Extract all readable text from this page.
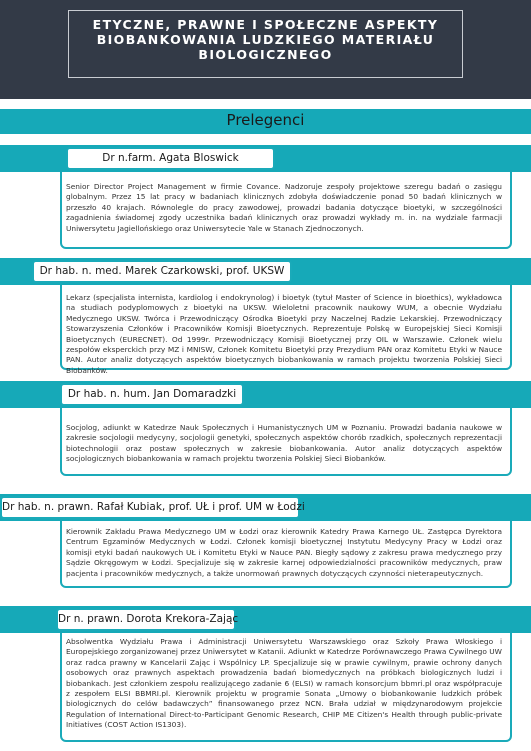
ETYCZNE, PRAWNE I SPOŁECZNE ASPEKTY BIOBANKOWANIA LUDZKIEGO MATERIAŁU BIOLOGICZNEGO
Prelegenci
Dr n.farm. Agata Bloswick
Senior Director Project Management w firmie Covance. Nadzoruje zespoły projektowe szeregu badań o zasięgu globalnym. Przez 15 lat pracy w badaniach klinicznych zdobyła doświadczenie ponad 50 badań klinicznych w przeszło 40 krajach. Równolegle do pracy zawodowej, prowadzi badania dotyczące bioetyki, w szczególności zagadnienia świadomej zgody uczestnika badań klinicznych oraz prowadzi wykłady m. in. na wydziale farmacji Uniwersytetu Jagiellońskiego oraz Uniwersytecie Yale w Stanach Zjednoczonych.
Dr hab. n. med. Marek Czarkowski, prof. UKSW
Lekarz (specjalista internista, kardiolog i endokrynolog) i bioetyk (tytuł Master of Science in bioethics), wykładowca na studiach podyplomowych z bioetyki na UKSW. Wieloletni pracownik naukowy WUM, a obecnie Wydziału Medycznego UKSW. Twórca i Przewodniczący Ośrodka Bioetyki przy Naczelnej Radzie Lekarskiej. Przewodniczący Stowarzyszenia Członków i Pracowników Komisji Bioetycznych. Reprezentuje Polskę w Europejskiej Sieci Komisji Bioetycznych (EURECNET). Od 1999r. Przewodniczący Komisji Bioetycznej przy OIL w Warszawie. Członek wielu zespołów eksperckich przy MZ i MNISW, Członek Komitetu Bioetyki przy Prezydium PAN oraz Komitetu Etyki w Nauce PAN. Autor analiz dotyczących aspektów bioetycznych biobankowania w ramach projektu tworzenia Polskiej Sieci Biobanków.
Dr hab. n. hum. Jan Domaradzki
Socjolog, adiunkt w Katedrze Nauk Społecznych i Humanistycznych UM w Poznaniu. Prowadzi badania naukowe w zakresie socjologii medycyny, socjologii genetyki, społecznych aspektów chorób rzadkich, społecznych reprezentacji biotechnologii oraz postaw społecznych w zakresie biobankowania. Autor analiz dotyczących aspektów socjologicznych biobankowania w ramach projektu tworzenia Polskiej Sieci Biobanków.
Dr hab. n. prawn. Rafał Kubiak, prof. UŁ i prof. UM w Łodzi
Kierownik Zakładu Prawa Medycznego UM w Łodzi oraz kierownik Katedry Prawa Karnego UŁ. Zastępca Dyrektora Centrum Egzaminów Medycznych w Łodzi. Członek komisji bioetycznej Instytutu Medycyny Pracy w Łodzi oraz komisji etyki badań naukowych UŁ i Komitetu Etyki w Nauce PAN. Biegły sądowy z zakresu prawa medycznego przy Sądzie Okręgowym w Łodzi. Specjalizuje się w zakresie karnej odpowiedzialności pracowników medycznych, praw pacjenta i pracowników medycznych, a także unormowań prawnych dotyczących czynności nieterapeutycznych.
Dr n. prawn. Dorota Krekora-Zając
Absolwentka Wydziału Prawa i Administracji Uniwersytetu Warszawskiego oraz Szkoły Prawa Włoskiego i Europejskiego zorganizowanej przez Uniwersytet w Katanii. Adiunkt w Katedrze Porównawczego Prawa Cywilnego UW oraz radca prawny w Kancelarii Zając i Wspólnicy LP. Specjalizuje się w prawie cywilnym, prawie ochrony danych osobowych oraz prawnych aspektach prowadzenia badań biomedycznych na próbkach biologicznych ludzi i biobankach. Jest członkiem zespołu realizującego zadanie 6 (ELSI) w ramach konsorcjum bbmri.pl oraz współpracuje z zespołem ELSI BBMRI.pl. Kierownik projektu w programie Sonata „Umowy o biobankowanie ludzkich próbek biologicznych do celów badawczych” finansowanego przez NCN. Brała udział w międzynarodowym projekcie Regulation of International Direct-to-Participant Genomic Research, CHIP ME Citizen's Health through public-private Initiatives (COST Action IS1303).
